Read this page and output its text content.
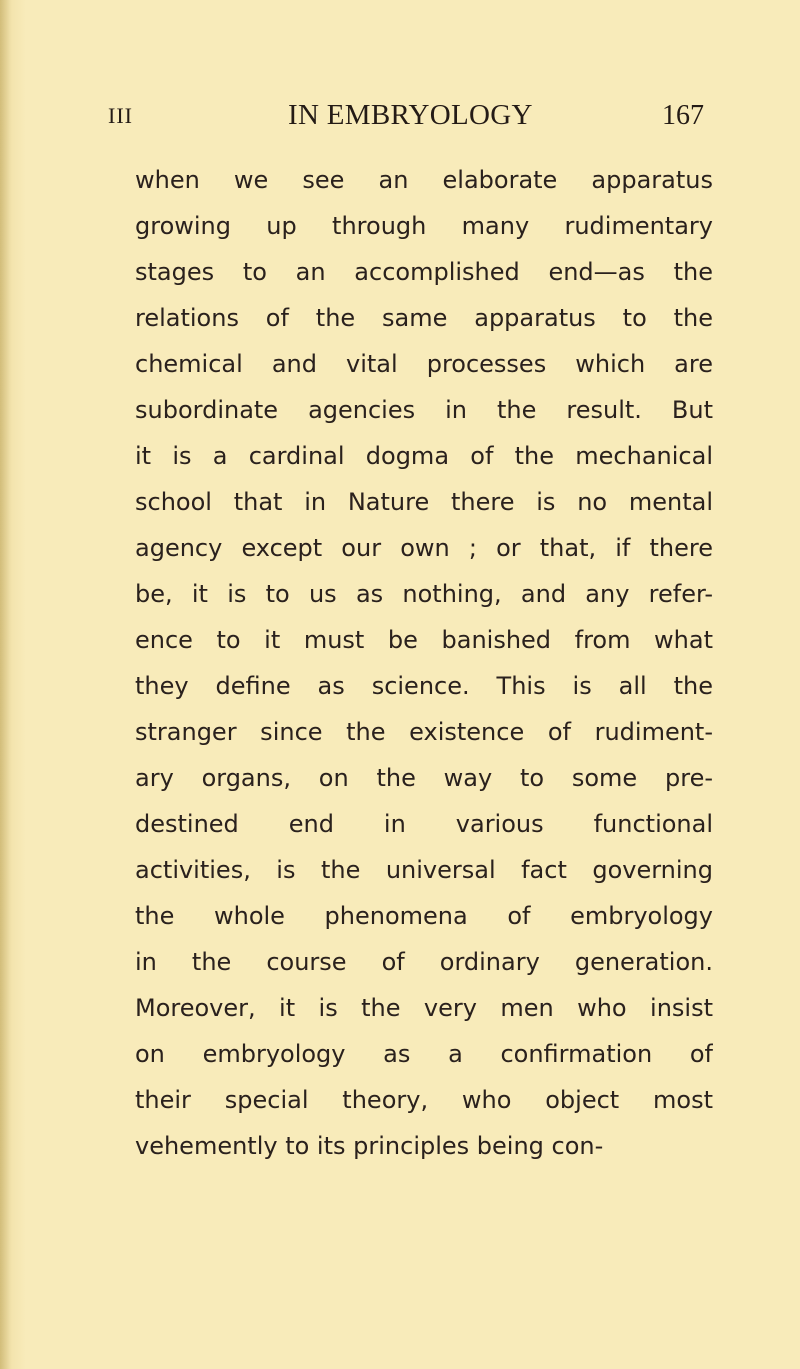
III	IN EMBRYOLOGY	167
when we see an elaborate apparatus
growing up through many rudimentary
stages to an accomplished end—as the
relations of the same apparatus to the
chemical and vital processes which are
subordinate agencies in the result. But
it is a cardinal dogma of the mechanical
school that in Nature there is no mental
agency except our own ; or that, if there
be, it is to us as nothing, and any refer-
ence to it must be banished from what
they define as science. This is all the
stranger since the existence of rudiment-
ary organs, on the way to some pre-
destined end in various functional
activities, is the universal fact governing
the whole phenomena of embryology
in the course of ordinary generation.
Moreover, it is the very men who insist
on embryology as a confirmation of
their special theory, who object most
vehemently to its principles being con-
